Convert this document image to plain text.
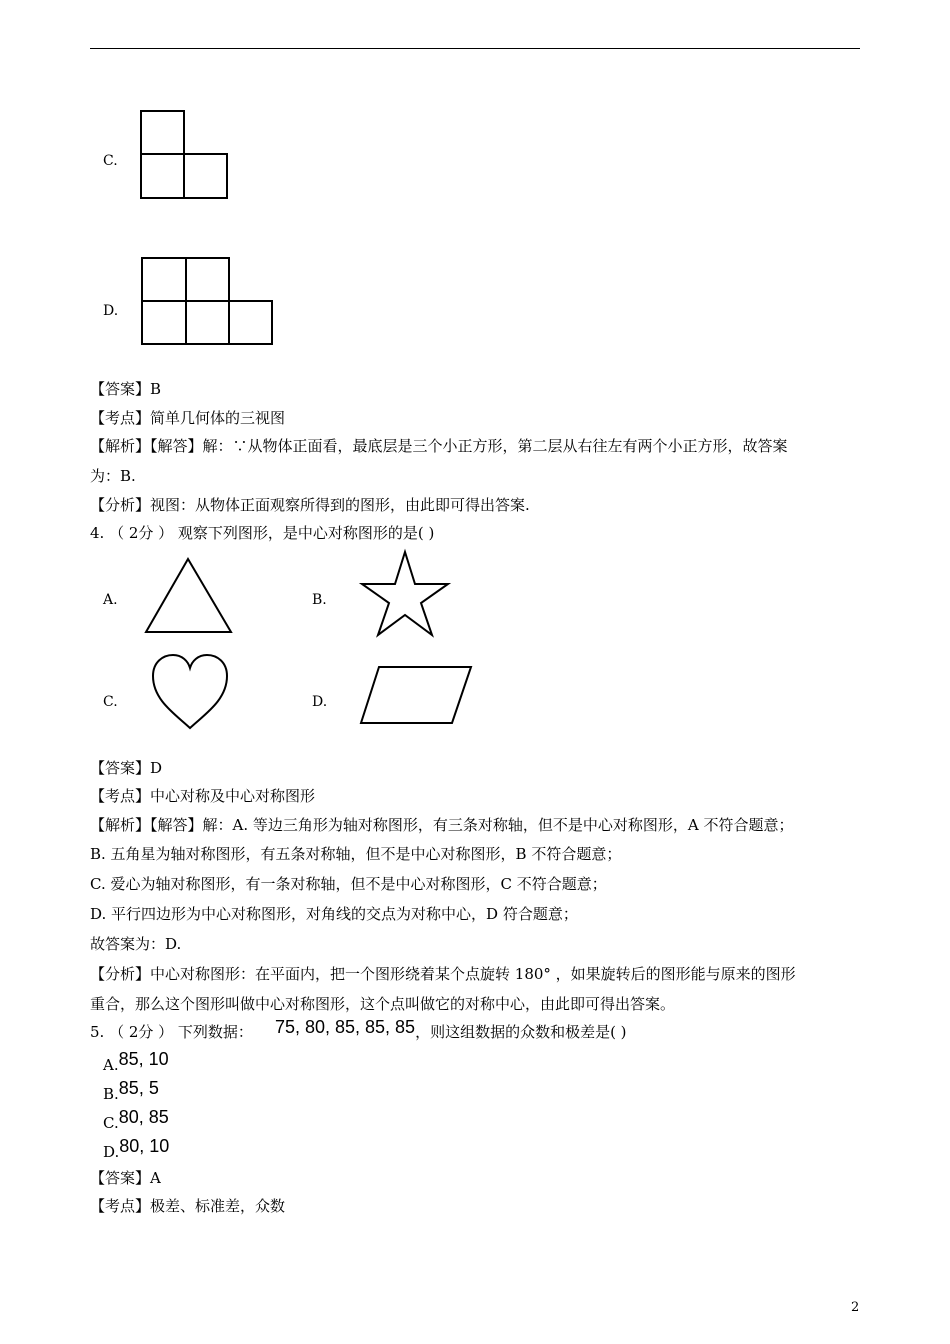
C.
D.
【答案】B
【考点】简单几何体的三视图
【解析】【解答】解：∵从物体正面看，最底层是三个小正方形，第二层从右往左有两个小正方形，故答案
为：B.
【分析】视图：从物体正面观察所得到的图形，由此即可得出答案.
4. （ 2分 ） 观察下列图形，是中心对称图形的是( )
A.	B.
C.	D.
【答案】D
【考点】中心对称及中心对称图形
【解析】【解答】解：A. 等边三角形为轴对称图形，有三条对称轴，但不是中心对称图形，A 不符合题意；
B. 五角星为轴对称图形，有五条对称轴，但不是中心对称图形，B 不符合题意；
C. 爱心为轴对称图形，有一条对称轴，但不是中心对称图形，C 不符合题意；
D. 平行四边形为中心对称图形，对角线的交点为对称中心，D 符合题意；
故答案为：D.
【分析】中心对称图形：在平面内，把一个图形绕着某个点旋转 180° ，如果旋转后的图形能与原来的图形
重合，那么这个图形叫做中心对称图形，这个点叫做它的对称中心，由此即可得出答案。
5. （ 2分 ） 下列数据： 75, 80, 85, 85, 85，则这组数据的众数和极差是( )
A.85, 10
B.85, 5
C.80, 85
D.80, 10
【答案】A
【考点】极差、标准差，众数
2
